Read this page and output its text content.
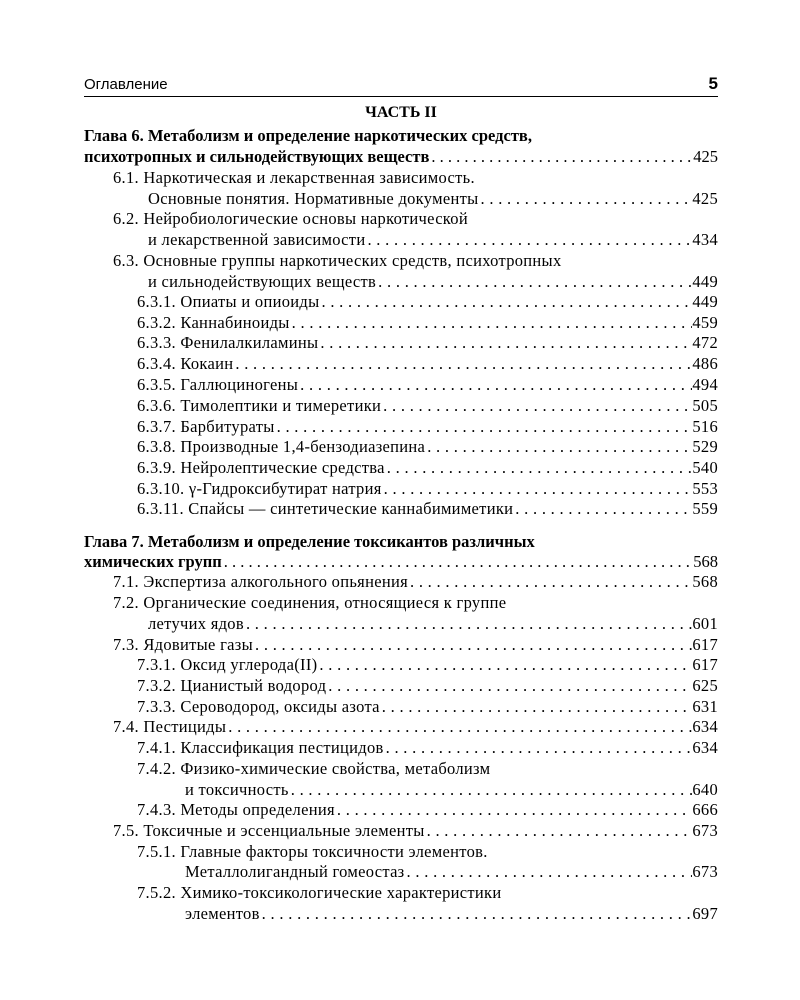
Оглавление	5
ЧАСТЬ II
Глава 6. Метаболизм и определение наркотических средств,
психотропных и сильнодействующих веществ . . .	425
6.1. Наркотическая и лекарственная зависимость.
Основные понятия. Нормативные документы . . .	425
6.2. Нейробиологические основы наркотической
и лекарственной зависимости . . .	434
6.3. Основные группы наркотических средств, психотропных
и сильнодействующих веществ . . .	449
6.3.1. Опиаты и опиоиды . . .	449
6.3.2. Каннабиноиды . . .	459
6.3.3. Фенилалкиламины . . .	472
6.3.4. Кокаин . . .	486
6.3.5. Галлюциногены . . .	494
6.3.6. Тимолептики и тимеретики . . .	505
6.3.7. Барбитураты . . .	516
6.3.8. Производные 1,4-бензодиазепина . . .	529
6.3.9. Нейролептические средства . . .	540
6.3.10. γ-Гидроксибутират натрия . . .	553
6.3.11. Спайсы — синтетические каннабимиметики . . .	559
Глава 7. Метаболизм и определение токсикантов различных
химических групп . . .	568
7.1. Экспертиза алкогольного опьянения . . .	568
7.2. Органические соединения, относящиеся к группе
летучих ядов . . .	601
7.3. Ядовитые газы . . .	617
7.3.1. Оксид углерода(II) . . .	617
7.3.2. Цианистый водород . . .	625
7.3.3. Сероводород, оксиды азота . . .	631
7.4. Пестициды . . .	634
7.4.1. Классификация пестицидов . . .	634
7.4.2. Физико-химические свойства, метаболизм
и токсичность . . .	640
7.4.3. Методы определения . . .	666
7.5. Токсичные и эссенциальные элементы . . .	673
7.5.1. Главные факторы токсичности элементов.
Металлолигандный гомеостаз . . .	673
7.5.2. Химико-токсикологические характеристики
элементов . . .	697
